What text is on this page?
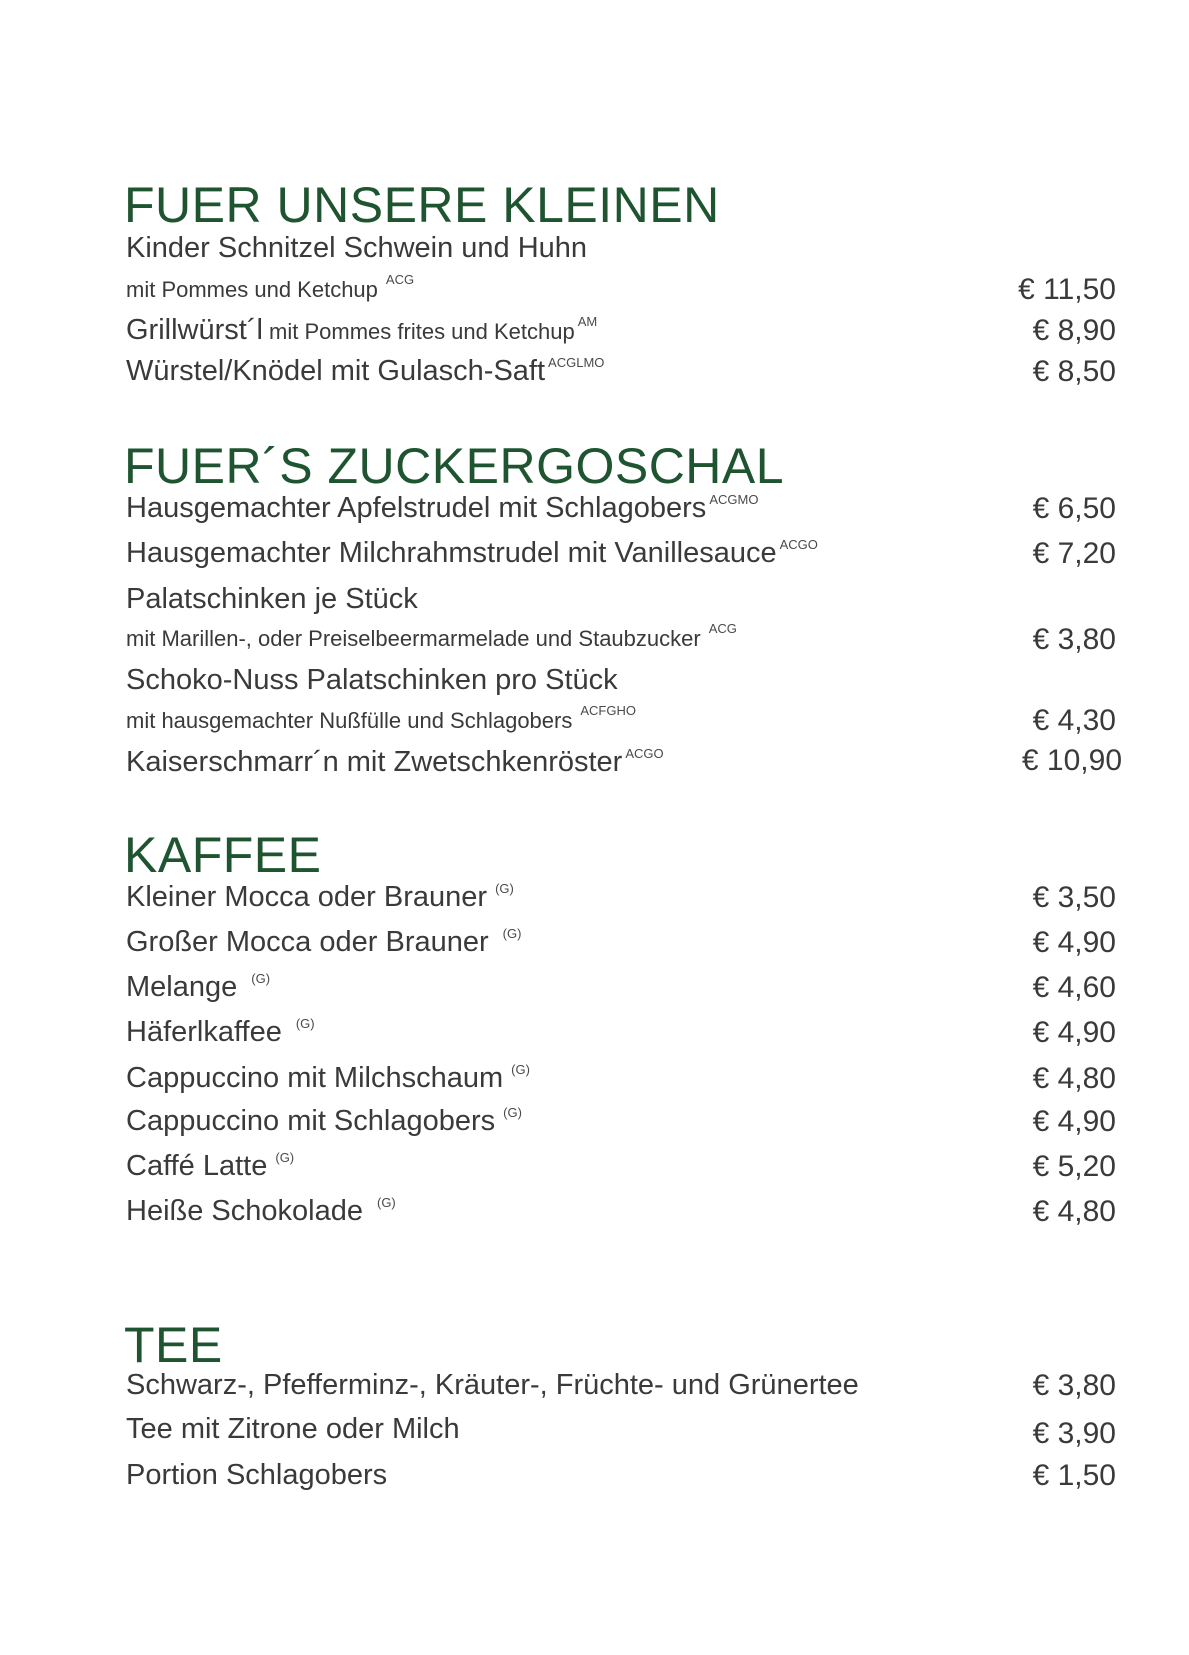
FUER UNSERE KLEINEN
Kinder Schnitzel Schwein und Huhn
mit Pommes und Ketchup $^{ACG}$	€ 11,50
Grillwürst´l mit Pommes frites und Ketchup $^{AM}$	€ 8,90
Würstel/Knödel mit Gulasch-Saft $^{ACGLMO}$	€ 8,50
FUER´S ZUCKERGOSCHAL
Hausgemachter Apfelstrudel mit Schlagobers $^{ACGMO}$	€ 6,50
Hausgemachter Milchrahmstrudel mit Vanillesauce $^{ACGO}$	€ 7,20
Palatschinken je Stück
mit Marillen-, oder Preiselbeermarmelade und Staubzucker $^{ACG}$	€ 3,80
Schoko-Nuss Palatschinken pro Stück
mit hausgemachter Nußfülle und Schlagobers $^{ACFGHO}$	€ 4,30
Kaiserschmarr´n mit Zwetschkenröster $^{ACGO}$	€ 10,90
KAFFEE
Kleiner Mocca oder Brauner $^{(G)}$	€ 3,50
Großer Mocca oder Brauner $^{(G)}$	€ 4,90
Melange $^{(G)}$	€ 4,60
Häferlkaffee $^{(G)}$	€ 4,90
Cappuccino mit Milchschaum $^{(G)}$	€ 4,80
Cappuccino mit Schlagobers $^{(G)}$	€ 4,90
Caffé Latte $^{(G)}$	€ 5,20
Heiße Schokolade $^{(G)}$	€ 4,80
TEE
Schwarz-, Pfefferminz-, Kräuter-, Früchte- und Grünertee	€ 3,80
Tee mit Zitrone oder Milch	€ 3,90
Portion Schlagobers	€ 1,50
